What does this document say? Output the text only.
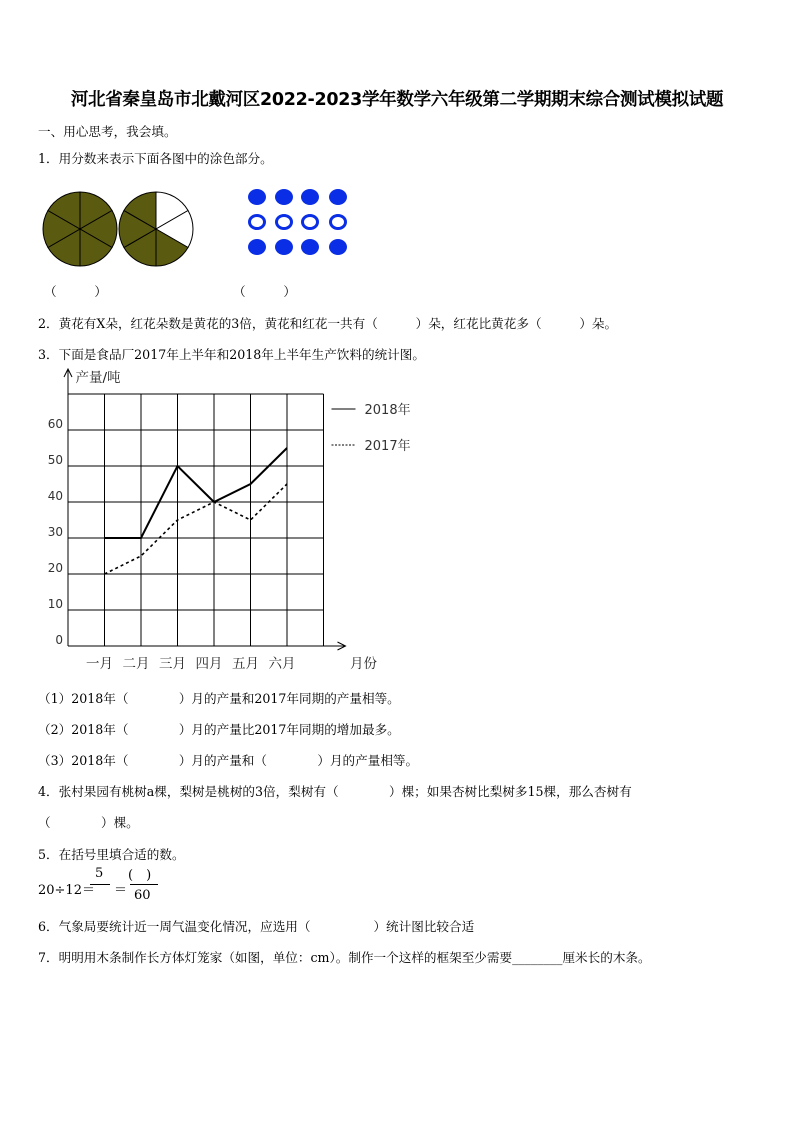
河北省秦皇岛市北戴河区2022-2023学年数学六年级第二学期期末综合测试模拟试题
一、用心思考，我会填。
1．用分数来表示下面各图中的涂色部分。
（　　　）	（　　　）
2．黄花有X朵，红花朵数是黄花的3倍，黄花和红花一共有（　　　）朵，红花比黄花多（　　　）朵。
3．下面是食品厂2017年上半年和2018年上半年生产饮料的统计图。
0
10
20
30
40
50
60
一月 二月 三月 四月 五月 六月	月份
产量/吨
2018年
2017年
（1）2018年（　　　　）月的产量和2017年同期的产量相等。
（2）2018年（　　　　）月的产量比2017年同期的增加最多。
（3）2018年（　　　　）月的产量和（　　　　）月的产量相等。
4．张村果园有桃树a棵，梨树是桃树的3倍，梨树有（　　　　）棵；如果杏树比梨树多15棵，那么杏树有
（　　　　）棵。
5．在括号里填合适的数。
20÷12＝
5
＝
(　)
60
6．气象局要统计近一周气温变化情况，应选用（　　　　　）统计图比较合适
7．明明用木条制作长方体灯笼家（如图，单位：cm）。制作一个这样的框架至少需要________厘米长的木条。
